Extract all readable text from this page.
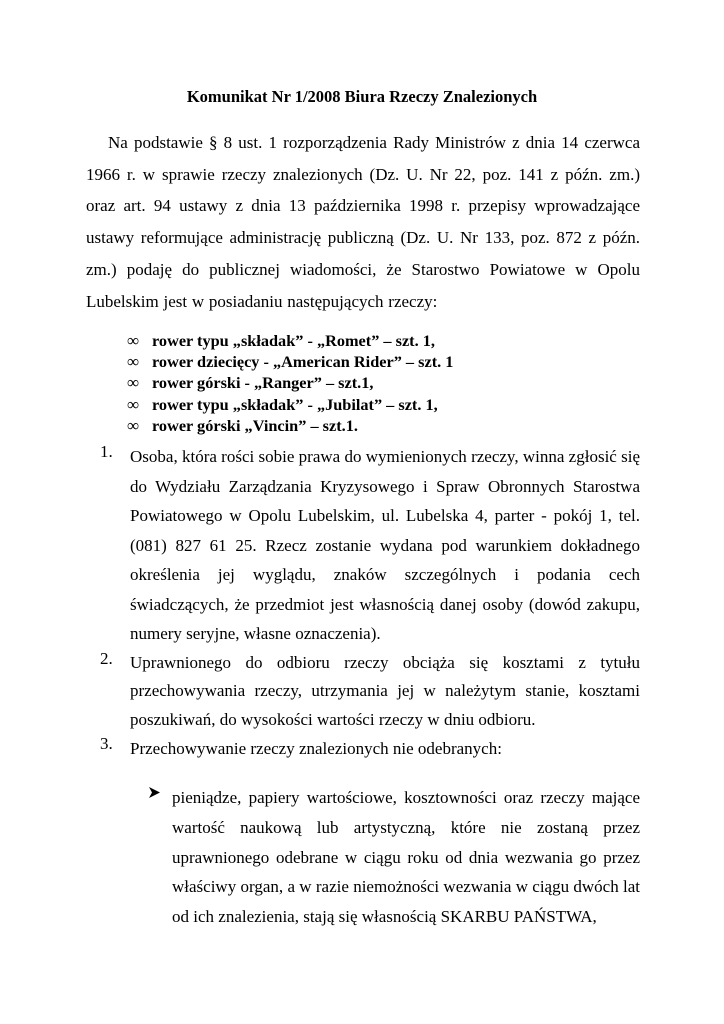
Komunikat Nr 1/2008 Biura Rzeczy Znalezionych

Na podstawie § 8 ust. 1 rozporządzenia Rady Ministrów z dnia 14 czerwca 1966 r. w sprawie rzeczy znalezionych (Dz. U. Nr 22, poz. 141 z późn. zm.) oraz art. 94 ustawy z dnia 13 października 1998 r. przepisy wprowadzające ustawy reformujące administrację publiczną (Dz. U. Nr 133, poz. 872 z późn. zm.) podaję do publicznej wiadomości, że Starostwo Powiatowe w Opolu Lubelskim jest w posiadaniu następujących rzeczy:

∞ rower typu „składak” - „Romet” – szt. 1,
∞ rower dziecięcy - „American Rider” – szt. 1
∞ rower górski - „Ranger” – szt.1,
∞ rower typu „składak” - „Jubilat” – szt. 1,
∞ rower górski „Vincin” – szt.1.
1. Osoba, która rości sobie prawa do wymienionych rzeczy, winna zgłosić się do Wydziału Zarządzania Kryzysowego i Spraw Obronnych Starostwa Powiatowego w Opolu Lubelskim, ul. Lubelska 4, parter - pokój 1, tel. (081) 827 61 25. Rzecz zostanie wydana pod warunkiem dokładnego określenia jej wyglądu, znaków szczególnych i podania cech świadczących, że przedmiot jest własnością danej osoby (dowód zakupu, numery seryjne, własne oznaczenia).
2. Uprawnionego do odbioru rzeczy obciąża się kosztami z tytułu przechowywania rzeczy, utrzymania jej w należytym stanie, kosztami poszukiwań, do wysokości wartości rzeczy w dniu odbioru.
3. Przechowywanie rzeczy znalezionych nie odebranych:
pieniądze, papiery wartościowe, kosztowności oraz rzeczy mające wartość naukową lub artystyczną, które nie zostaną przez uprawnionego odebrane w ciągu roku od dnia wezwania go przez właściwy organ, a w razie niemożności wezwania w ciągu dwóch lat od ich znalezienia, stają się własnością SKARBU PAŃSTWA,
